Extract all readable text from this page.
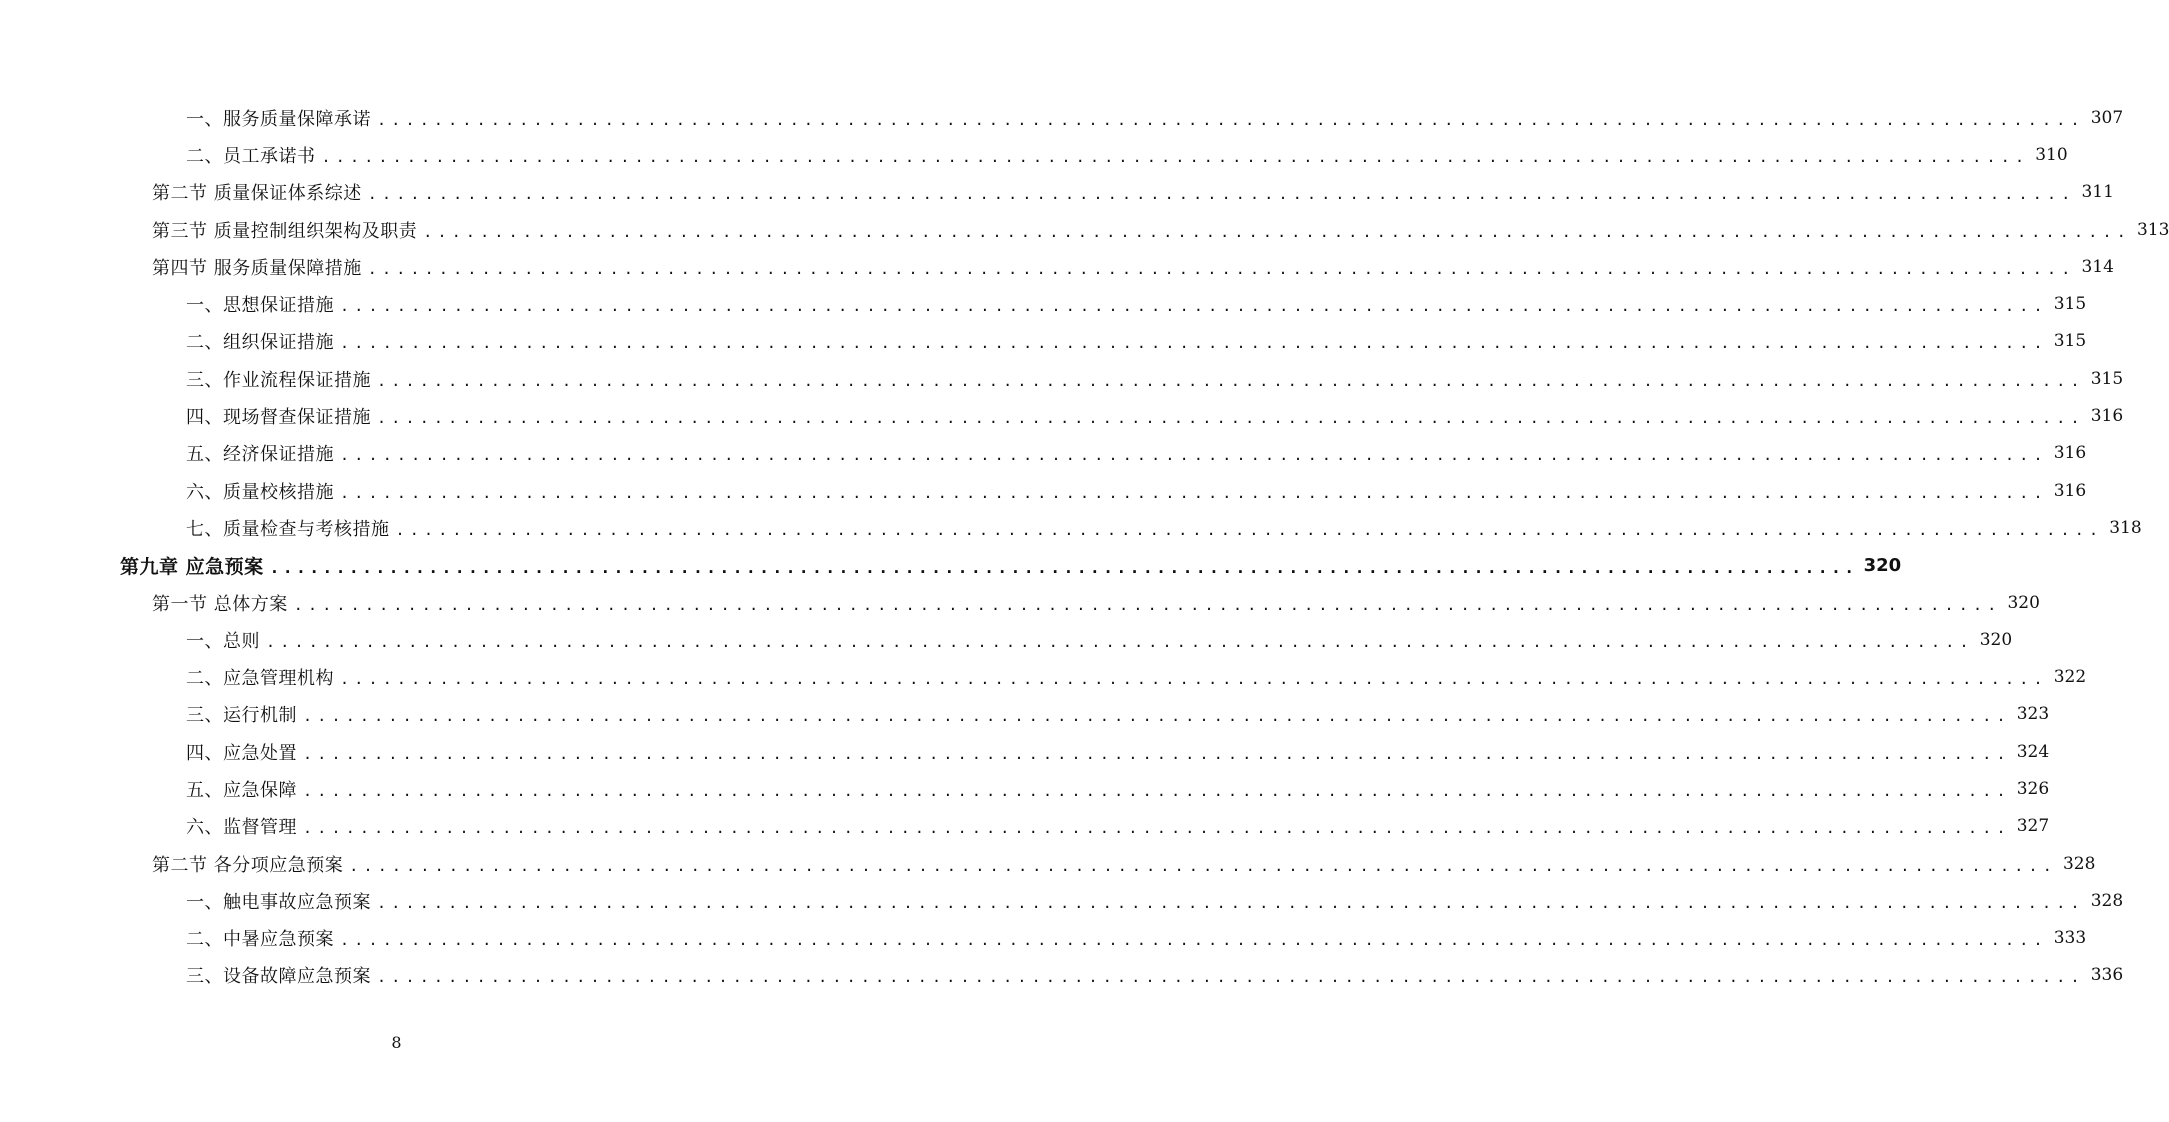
一、服务质量保障承诺 ........................................................................................................................ 307
二、员工承诺书 ........................................................................................................................ 310
第二节 质量保证体系综述 ........................................................................................................................ 311
第三节 质量控制组织架构及职责 ........................................................................................................................ 313
第四节 服务质量保障措施 ........................................................................................................................ 314
一、思想保证措施 ........................................................................................................................ 315
二、组织保证措施 ........................................................................................................................ 315
三、作业流程保证措施 ........................................................................................................................ 315
四、现场督查保证措施 ........................................................................................................................ 316
五、经济保证措施 ........................................................................................................................ 316
六、质量校核措施 ........................................................................................................................ 316
七、质量检查与考核措施 ........................................................................................................................ 318
第九章 应急预案 ........................................................................................................................ 320
第一节 总体方案 ........................................................................................................................ 320
一、总则 ........................................................................................................................ 320
二、应急管理机构 ........................................................................................................................ 322
三、运行机制 ........................................................................................................................ 323
四、应急处置 ........................................................................................................................ 324
五、应急保障 ........................................................................................................................ 326
六、监督管理 ........................................................................................................................ 327
第二节 各分项应急预案 ........................................................................................................................ 328
一、触电事故应急预案 ........................................................................................................................ 328
二、中暑应急预案 ........................................................................................................................ 333
三、设备故障应急预案 ........................................................................................................................ 336
8
